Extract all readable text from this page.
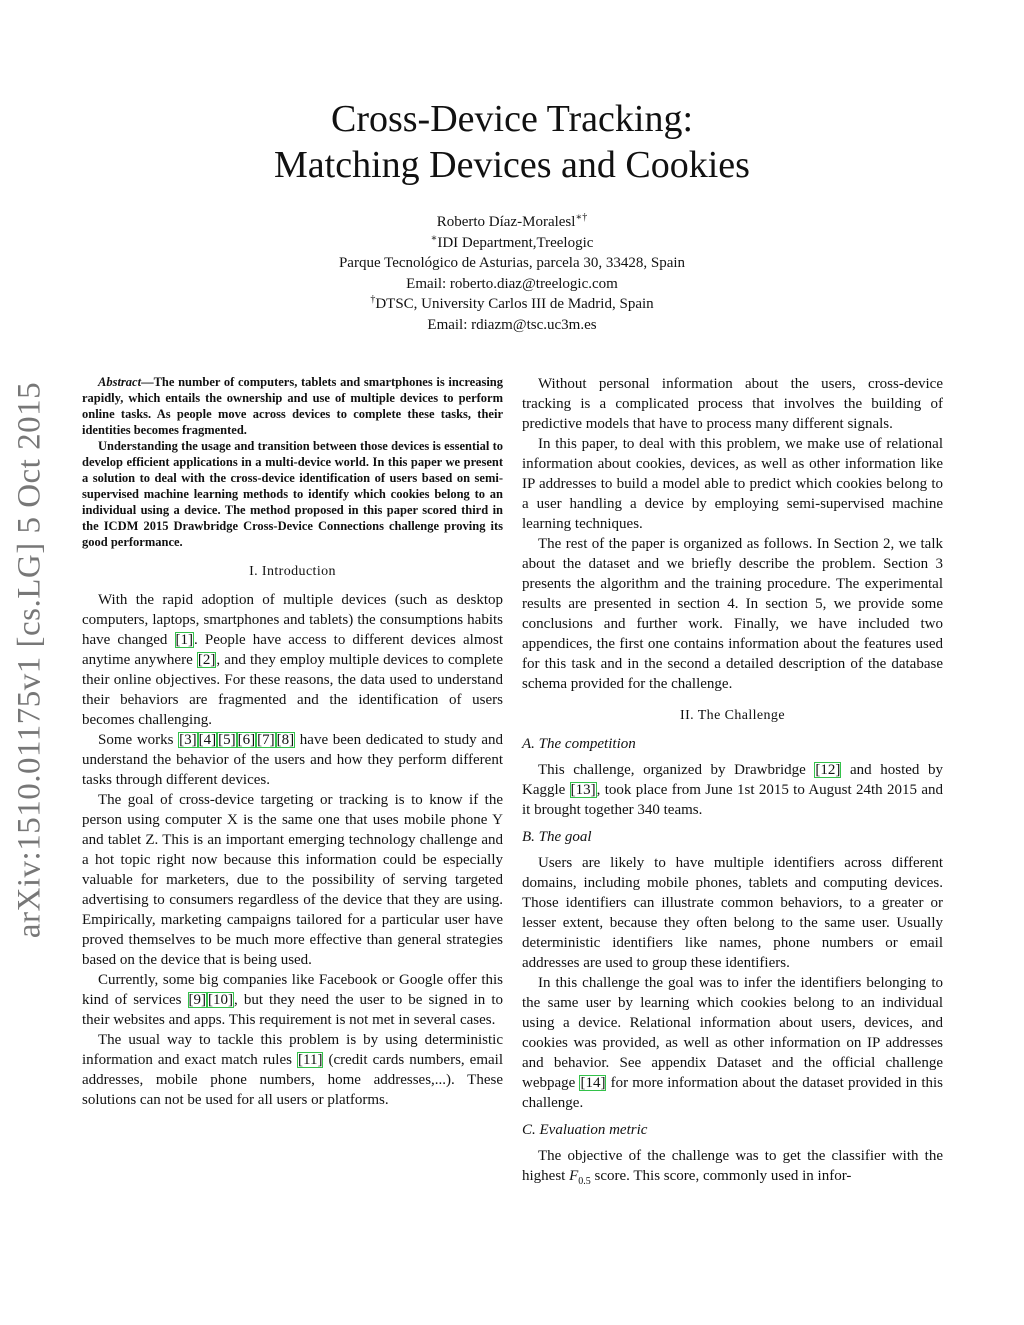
Cross-Device Tracking:
Matching Devices and Cookies
Roberto Díaz-Moralesl∗†
∗IDI Department,Treelogic
Parque Tecnológico de Asturias, parcela 30, 33428, Spain
Email: roberto.diaz@treelogic.com
†DTSC, University Carlos III de Madrid, Spain
Email: rdiazm@tsc.uc3m.es
arXiv:1510.01175v1 [cs.LG] 5 Oct 2015	Abstract—The number of computers, tablets and smartphones is increasing rapidly, which entails the ownership and use of multiple devices to perform online tasks. As people move across devices to complete these tasks, their identities becomes fragmented.

Understanding the usage and transition between those devices is essential to develop efficient applications in a multi-device world. In this paper we present a solution to deal with the cross-device identification of users based on semi-supervised machine learning methods to identify which cookies belong to an individual using a device. The method proposed in this paper scored third in the ICDM 2015 Drawbridge Cross-Device Connections challenge proving its good performance.

I. Introduction

With the rapid adoption of multiple devices (such as desktop computers, laptops, smartphones and tablets) the consumptions habits have changed [1]. People have access to different devices almost anytime anywhere [2], and they employ multiple devices to complete their online objectives. For these reasons, the data used to understand their behaviors are fragmented and the identification of users becomes challenging.

Some works [3] [4] [5] [6] [7] [8] have been dedicated to study and understand the behavior of the users and how they perform different tasks through different devices.

The goal of cross-device targeting or tracking is to know if the person using computer X is the same one that uses mobile phone Y and tablet Z. This is an important emerging technology challenge and a hot topic right now because this information could be especially valuable for marketers, due to the possibility of serving targeted advertising to consumers regardless of the device that they are using. Empirically, marketing campaigns tailored for a particular user have proved themselves to be much more effective than general strategies based on the device that is being used.

Currently, some big companies like Facebook or Google offer this kind of services [9] [10], but they need the user to be signed in to their websites and apps. This requirement is not met in several cases.

The usual way to tackle this problem is by using deterministic information and exact match rules [11] (credit cards numbers, email addresses, mobile phone numbers, home addresses,...). These solutions can not be used for all users or platforms.

Without personal information about the users, cross-device tracking is a complicated process that involves the building of predictive models that have to process many different signals.

In this paper, to deal with this problem, we make use of relational information about cookies, devices, as well as other information like IP addresses to build a model able to predict which cookies belong to a user handling a device by employing semi-supervised machine learning techniques.

The rest of the paper is organized as follows. In Section 2, we talk about the dataset and we briefly describe the problem. Section 3 presents the algorithm and the training procedure. The experimental results are presented in section 4. In section 5, we provide some conclusions and further work. Finally, we have included two appendices, the first one contains information about the features used for this task and in the second a detailed description of the database schema provided for the challenge.

II. The Challenge
A. The competition

This challenge, organized by Drawbridge [12] and hosted by Kaggle [13], took place from June 1st 2015 to August 24th 2015 and it brought together 340 teams.

B. The goal

Users are likely to have multiple identifiers across different domains, including mobile phones, tablets and computing devices. Those identifiers can illustrate common behaviors, to a greater or lesser extent, because they often belong to the same user. Usually deterministic identifiers like names, phone numbers or email addresses are used to group these identifiers.

In this challenge the goal was to infer the identifiers belonging to the same user by learning which cookies belong to an individual using a device. Relational information about users, devices, and cookies was provided, as well as other information on IP addresses and behavior. See appendix Dataset and the official challenge webpage [14] for more information about the dataset provided in this challenge.

C. Evaluation metric

The objective of the challenge was to get the classifier with the highest $F_{0.5}$ score. This score, commonly used in infor-
